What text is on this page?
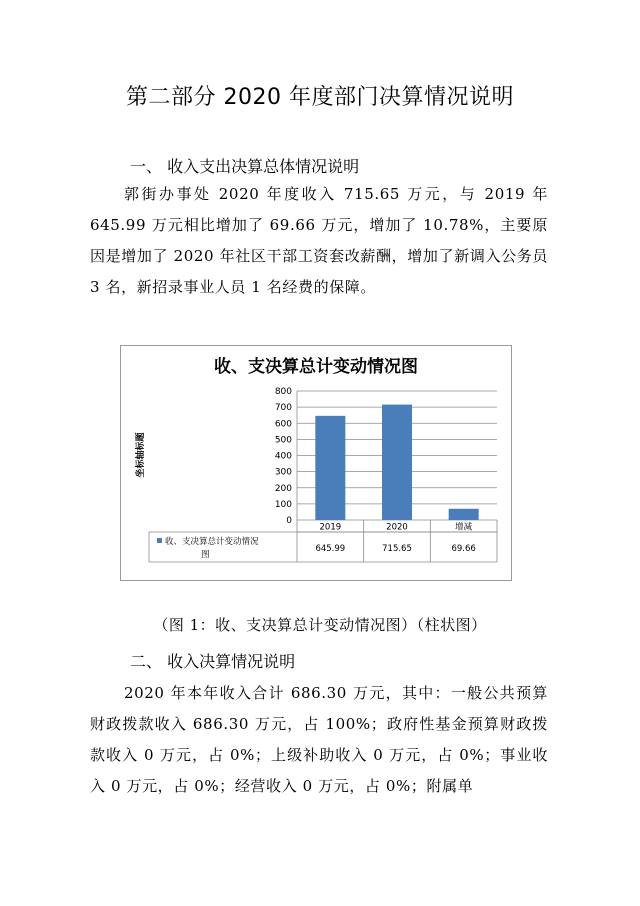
第二部分 2020 年度部门决算情况说明
一、 收入支出决算总体情况说明
郭街办事处 2020 年度收入 715.65 万元，与 2019 年 645.99 万元相比增加了 69.66 万元，增加了 10.78%，主要原因是增加了 2020 年社区干部工资套改薪酬，增加了新调入公务员 3 名，新招录事业人员 1 名经费的保障。
收、支决算总计变动情况图
坐标轴标题
0
100
200
300
400
500
600
700
800
2019
645.99
2020
715.65
增减
69.66
收、支决算总计变动情况
图
（图 1：收、支决算总计变动情况图）（柱状图）
二、 收入决算情况说明
2020 年本年收入合计 686.30 万元，其中：一般公共预算财政拨款收入 686.30 万元，占 100%；政府性基金预算财政拨款收入 0 万元，占 0%；上级补助收入 0 万元，占 0%；事业收入 0 万元，占 0%；经营收入 0 万元，占 0%；附属单
